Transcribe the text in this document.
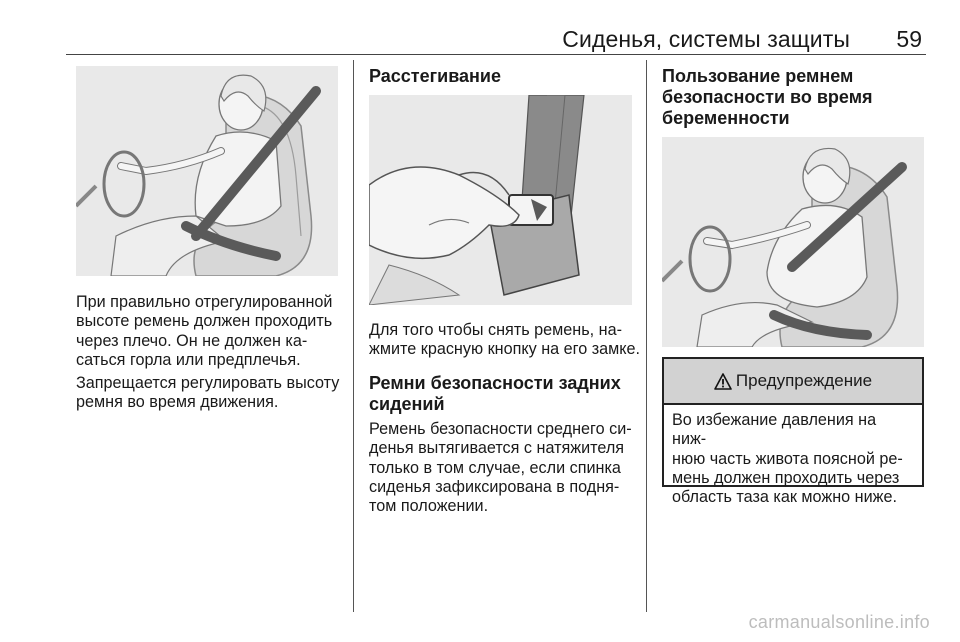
Сиденья, системы защиты	59
При правильно отрегулированной
высоте ремень должен проходить
через плечо. Он не должен ка-
саться горла или предплечья.
Запрещается регулировать высоту
ремня во время движения.
Расстегивание
Для того чтобы снять ремень, на-
жмите красную кнопку на его замке.
Ремни безопасности задних
сидений
Ремень безопасности среднего си-
денья вытягивается с натяжителя
только в том случае, если спинка
сиденья зафиксирована в подня-
том положении.
Пользование ремнем
безопасности во время
беременности
Предупреждение
Во избежание давления на ниж-
нюю часть живота поясной ре-
мень должен проходить через
область таза как можно ниже.
carmanualsonline.info
